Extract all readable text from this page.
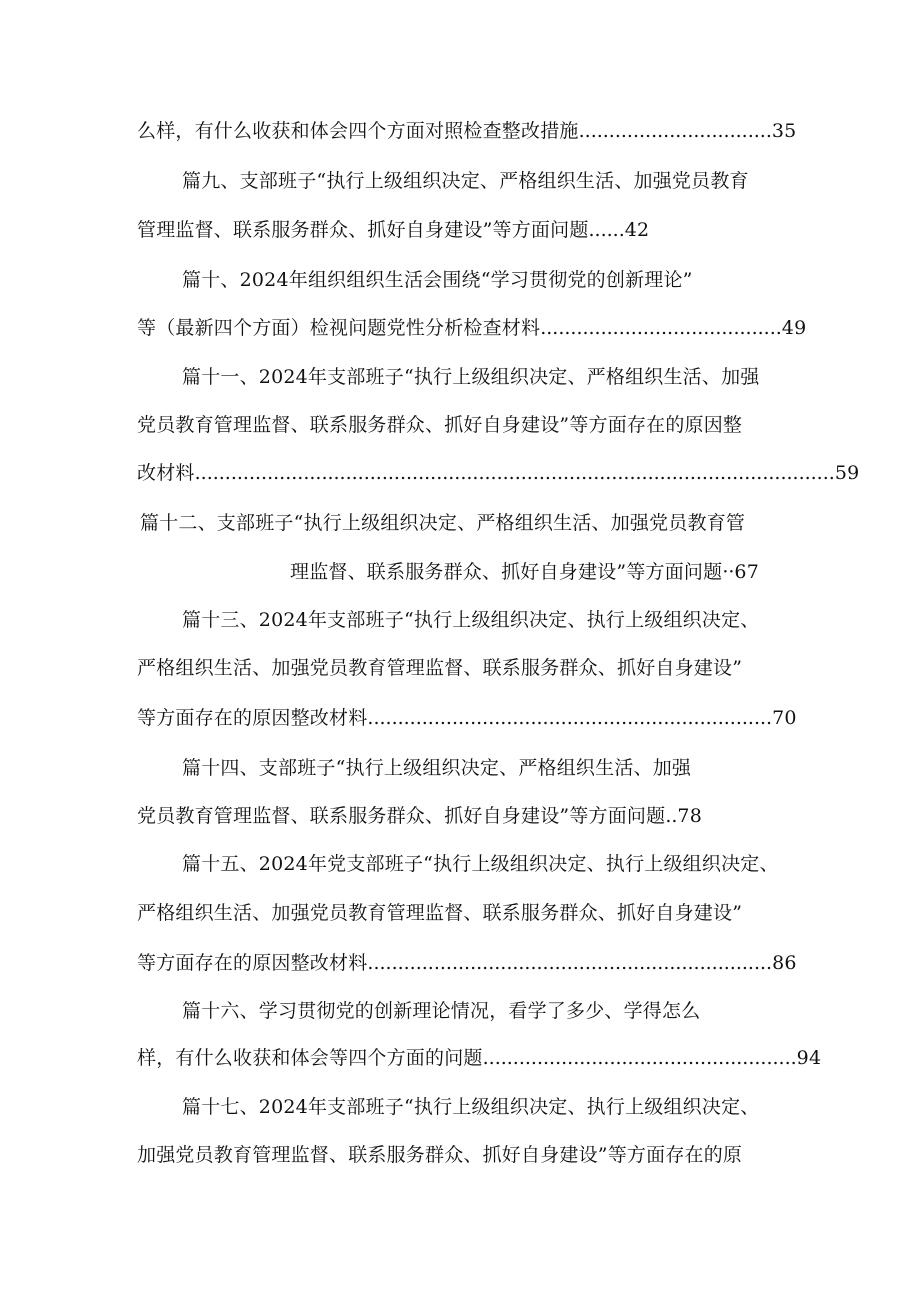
么样，有什么收获和体会四个方面对照检查整改措施................................35
篇九、支部班子“执行上级组织决定、严格组织生活、加强党员教育
管理监督、联系服务群众、抓好自身建设”等方面问题......42
篇十、2024年组织组织生活会围绕“学习贯彻党的创新理论”
等（最新四个方面）检视问题党性分析检查材料........................................49
篇十一、2024年支部班子“执行上级组织决定、严格组织生活、加强
党员教育管理监督、联系服务群众、抓好自身建设”等方面存在的原因整
改材料..........................................................................................................59
篇十二、支部班子“执行上级组织决定、严格组织生活、加强党员教育管
理监督、联系服务群众、抓好自身建设”等方面问题··67
篇十三、2024年支部班子“执行上级组织决定、执行上级组织决定、
严格组织生活、加强党员教育管理监督、联系服务群众、抓好自身建设”
等方面存在的原因整改材料...................................................................70
篇十四、支部班子“执行上级组织决定、严格组织生活、加强
党员教育管理监督、联系服务群众、抓好自身建设”等方面问题..78
篇十五、2024年党支部班子“执行上级组织决定、执行上级组织决定、
严格组织生活、加强党员教育管理监督、联系服务群众、抓好自身建设”
等方面存在的原因整改材料...................................................................86
篇十六、学习贯彻党的创新理论情况，看学了多少、学得怎么
样，有什么收获和体会等四个方面的问题....................................................94
篇十七、2024年支部班子“执行上级组织决定、执行上级组织决定、
加强党员教育管理监督、联系服务群众、抓好自身建设”等方面存在的原
